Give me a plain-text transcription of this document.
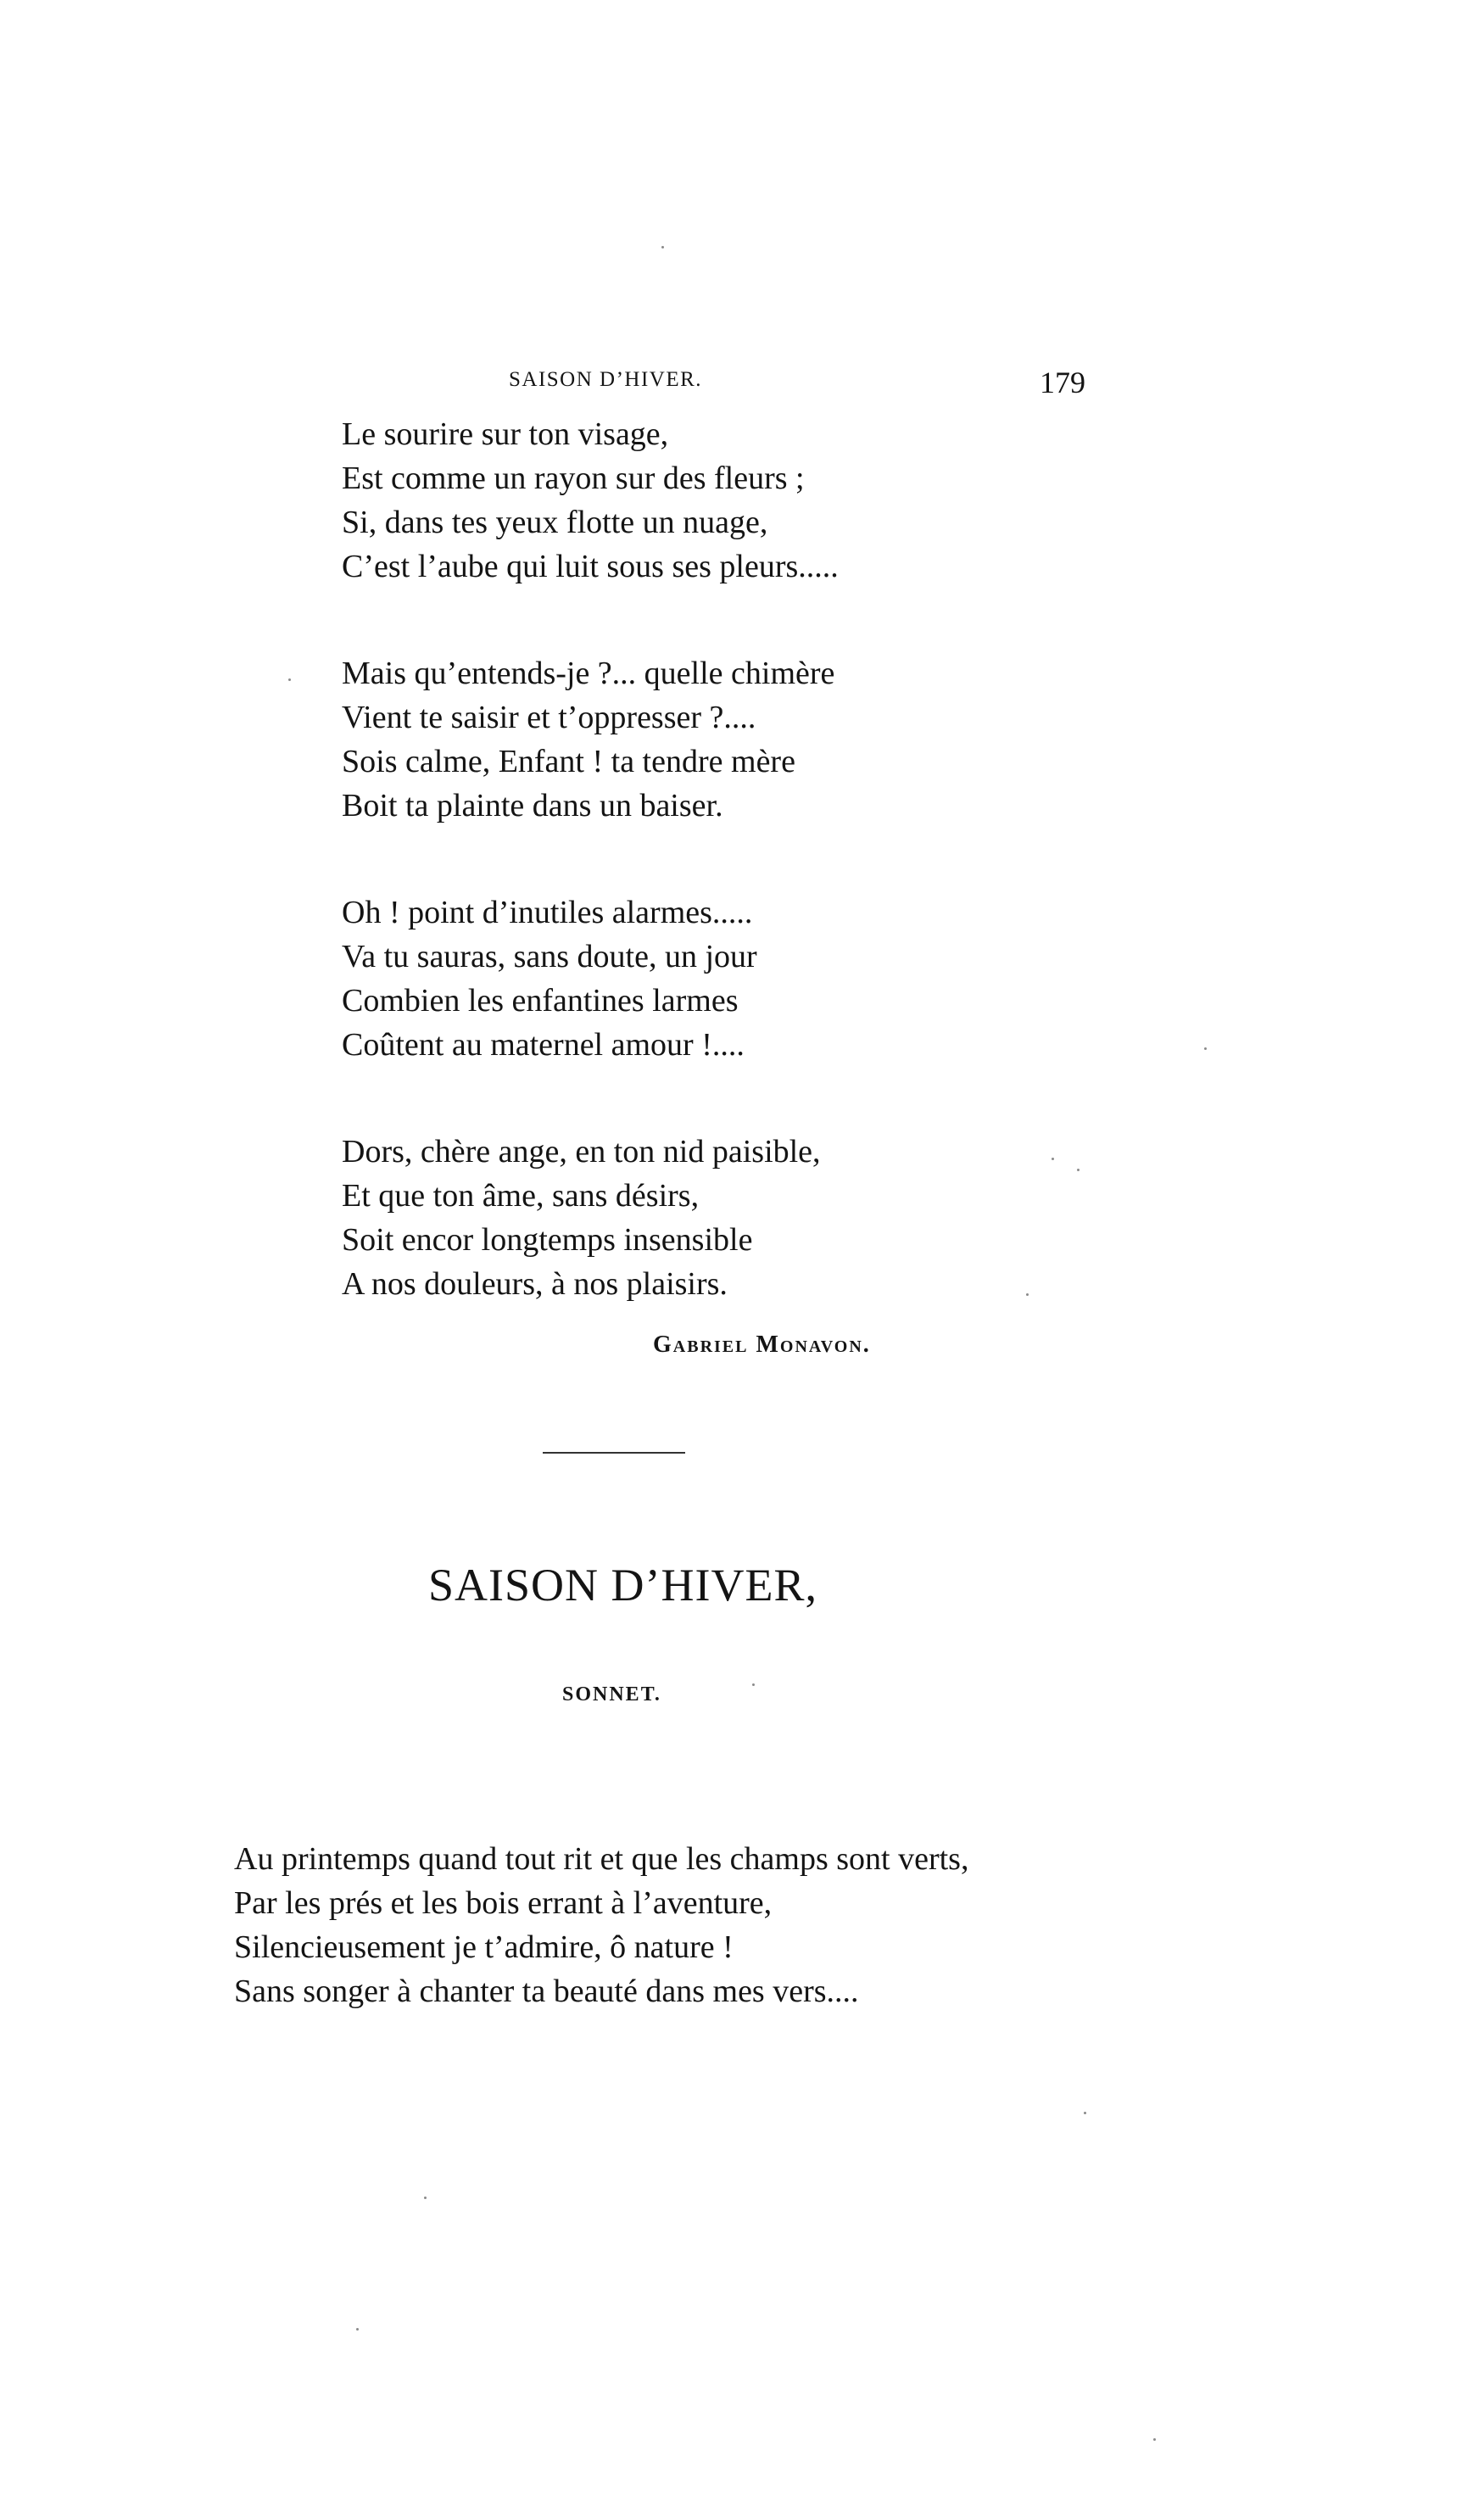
SAISON D’HIVER.	179
Le sourire sur ton visage,
Est comme un rayon sur des fleurs ;
Si, dans tes yeux flotte un nuage,
C’est l’aube qui luit sous ses pleurs.....
Mais qu’entends-je ?... quelle chimère
Vient te saisir et t’oppresser ?....
Sois calme, Enfant ! ta tendre mère
Boit ta plainte dans un baiser.
Oh ! point d’inutiles alarmes.....
Va tu sauras, sans doute, un jour
Combien les enfantines larmes
Coûtent au maternel amour !....
Dors, chère ange, en ton nid paisible,
Et que ton âme, sans désirs,
Soit encor longtemps insensible
A nos douleurs, à nos plaisirs.
Gabriel Monavon.
SAISON D’HIVER,
SONNET.
Au printemps quand tout rit et que les champs sont verts,
Par les prés et les bois errant à l’aventure,
Silencieusement je t’admire, ô nature !
Sans songer à chanter ta beauté dans mes vers....
